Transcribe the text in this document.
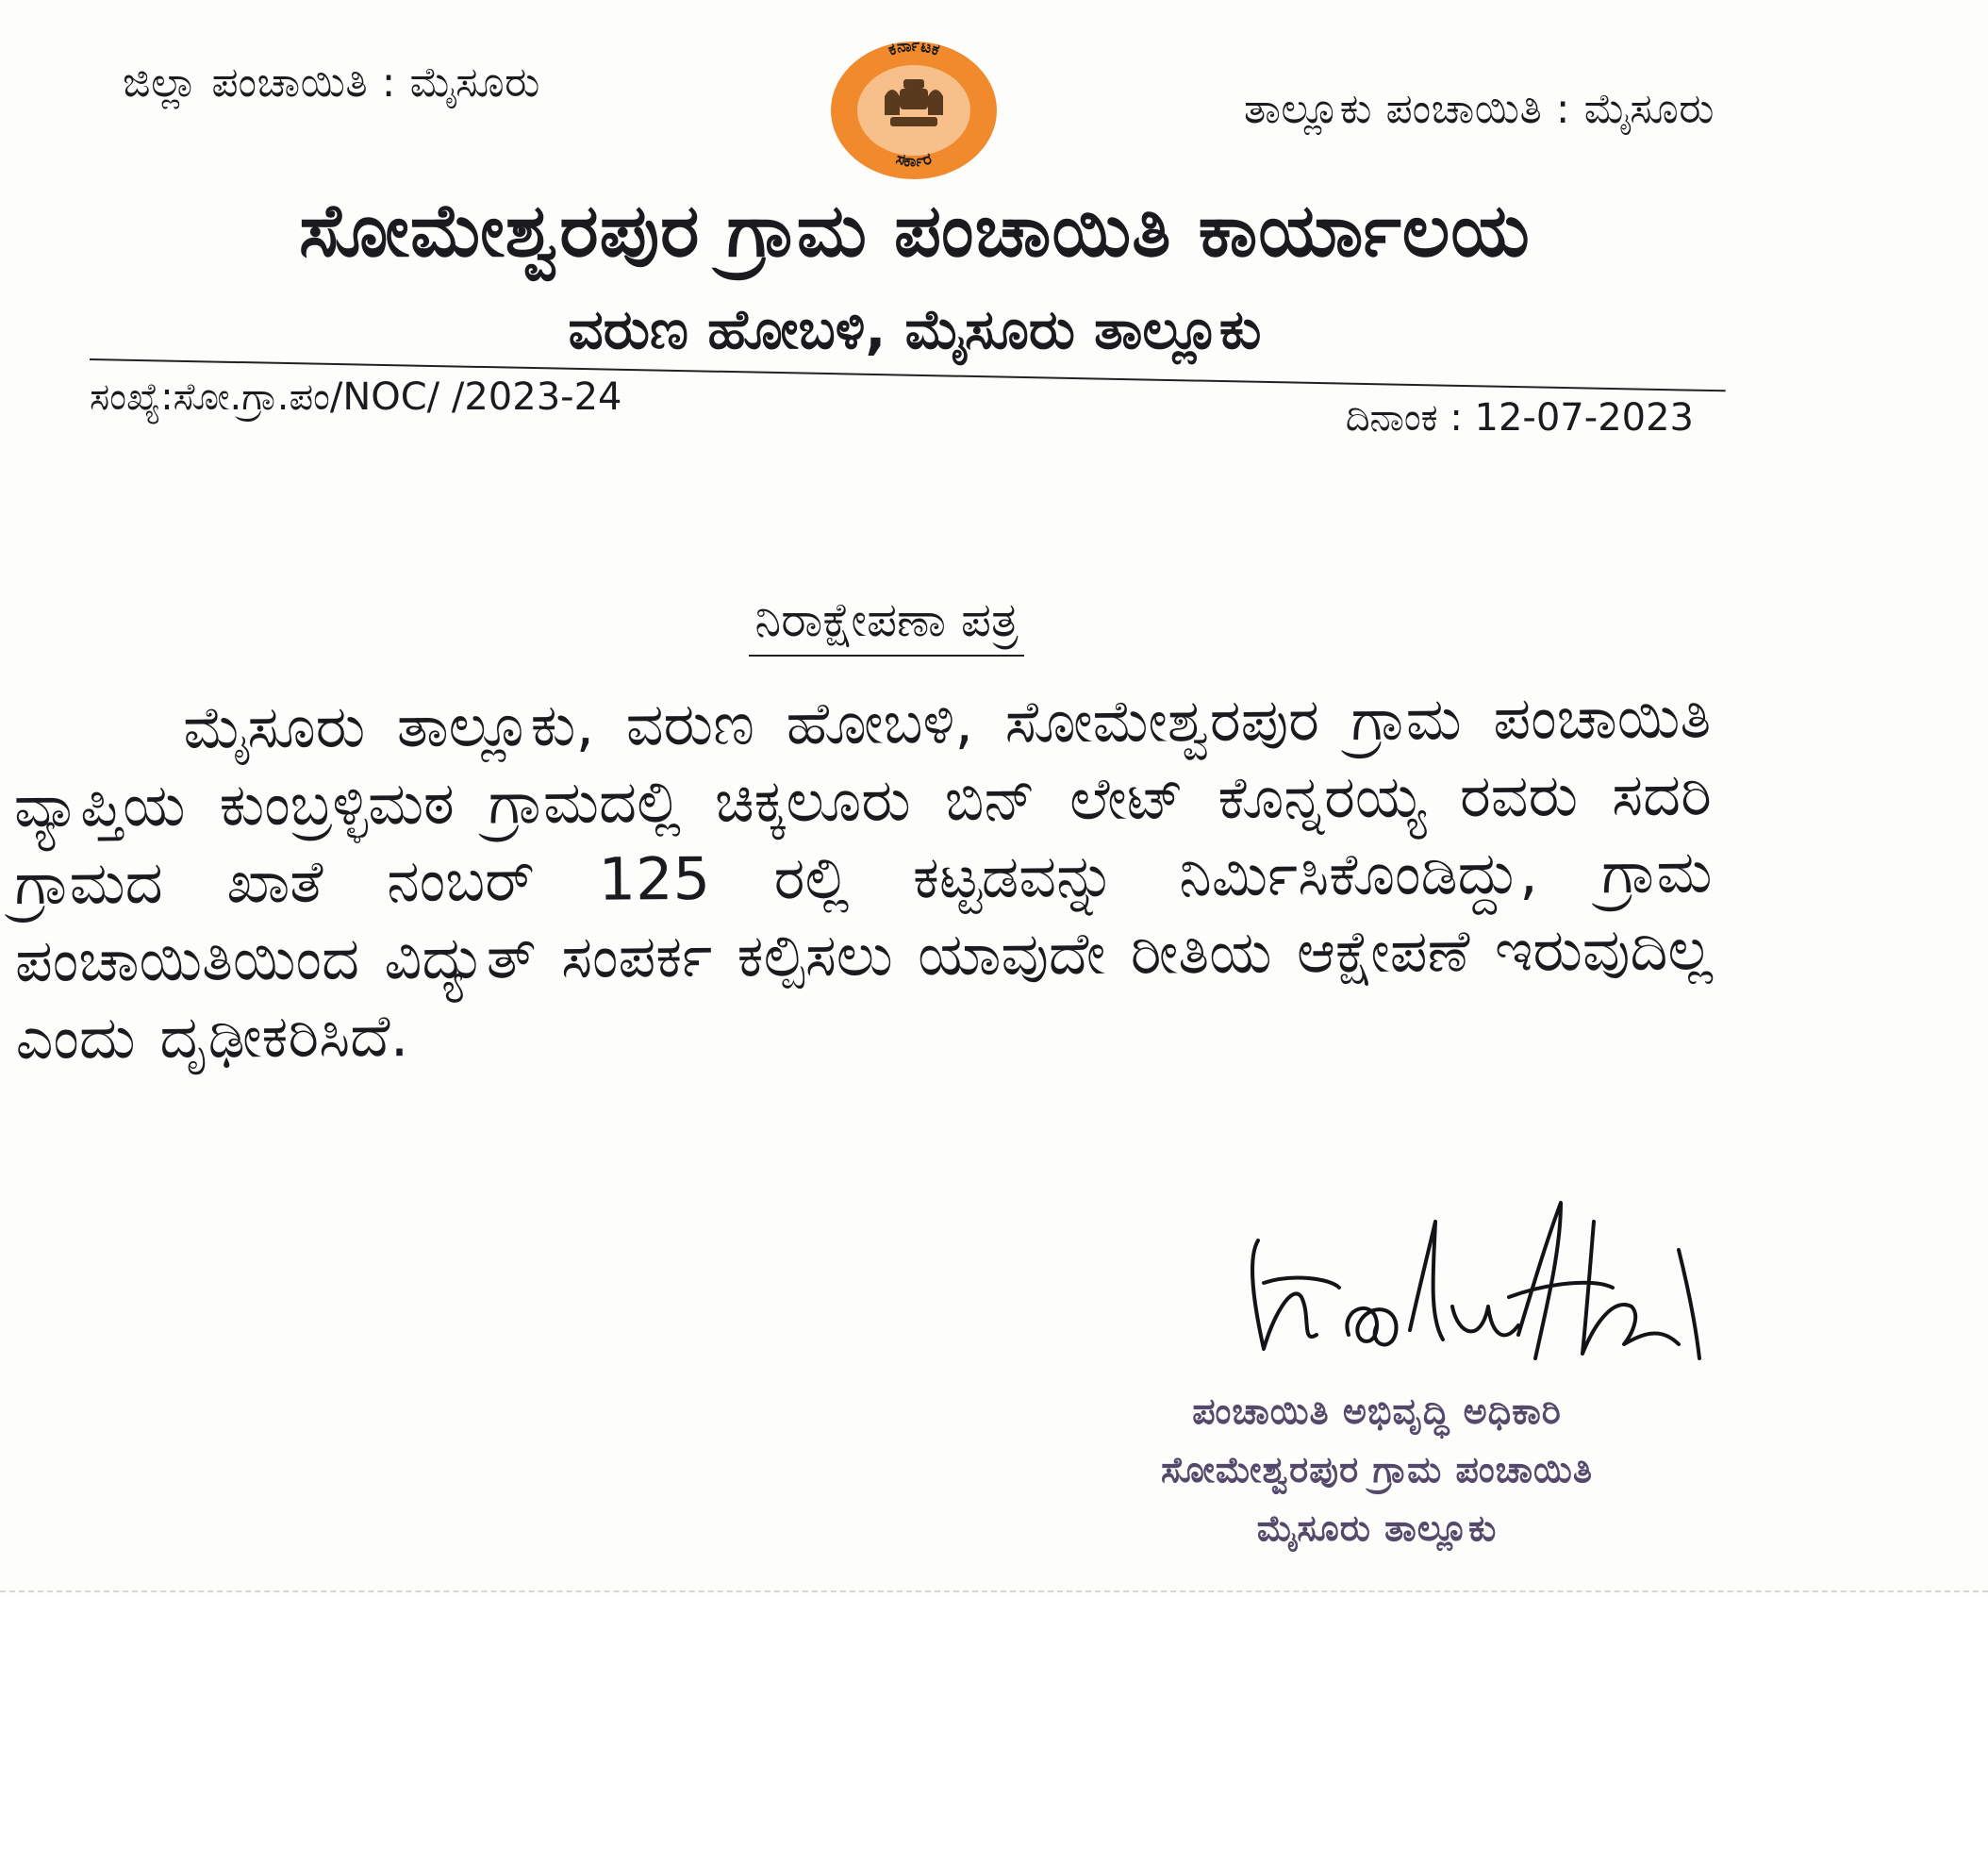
ಜಿಲ್ಲಾ ಪಂಚಾಯಿತಿ : ಮೈಸೂರು
ತಾಲ್ಲೂಕು ಪಂಚಾಯಿತಿ : ಮೈಸೂರು
ಕರ್ನಾಟಕ
ಸರ್ಕಾರ
ಸೋಮೇಶ್ವರಪುರ ಗ್ರಾಮ ಪಂಚಾಯಿತಿ ಕಾರ್ಯಾಲಯ
ವರುಣ ಹೋಬಳಿ, ಮೈಸೂರು ತಾಲ್ಲೂಕು
ಸಂಖ್ಯೆ:ಸೋ.ಗ್ರಾ.ಪಂ/NOC/ /2023-24	ದಿನಾಂಕ : 12-07-2023
ನಿರಾಕ್ಷೇಪಣಾ ಪತ್ರ
ಮೈಸೂರು ತಾಲ್ಲೂಕು, ವರುಣ ಹೋಬಳಿ, ಸೋಮೇಶ್ವರಪುರ ಗ್ರಾಮ ಪಂಚಾಯಿತಿ ವ್ಯಾಪ್ತಿಯ ಕುಂಬ್ರಳ್ಳಿಮಠ ಗ್ರಾಮದಲ್ಲಿ ಚಿಕ್ಕಲೂರು ಬಿನ್ ಲೇಟ್ ಕೊನ್ನರಯ್ಯ ರವರು ಸದರಿ ಗ್ರಾಮದ ಖಾತೆ ನಂಬರ್ 125 ರಲ್ಲಿ ಕಟ್ಟಡವನ್ನು ನಿರ್ಮಿಸಿಕೊಂಡಿದ್ದು, ಗ್ರಾಮ ಪಂಚಾಯಿತಿಯಿಂದ ವಿದ್ಯುತ್ ಸಂಪರ್ಕ ಕಲ್ಪಿಸಲು ಯಾವುದೇ ರೀತಿಯ ಆಕ್ಷೇಪಣೆ ಇರುವುದಿಲ್ಲ ಎಂದು ದೃಢೀಕರಿಸಿದೆ.
ಪಂಚಾಯಿತಿ ಅಭಿವೃದ್ಧಿ ಅಧಿಕಾರಿ
ಸೋಮೇಶ್ವರಪುರ ಗ್ರಾಮ ಪಂಚಾಯಿತಿ
ಮೈಸೂರು ತಾಲ್ಲೂಕು
